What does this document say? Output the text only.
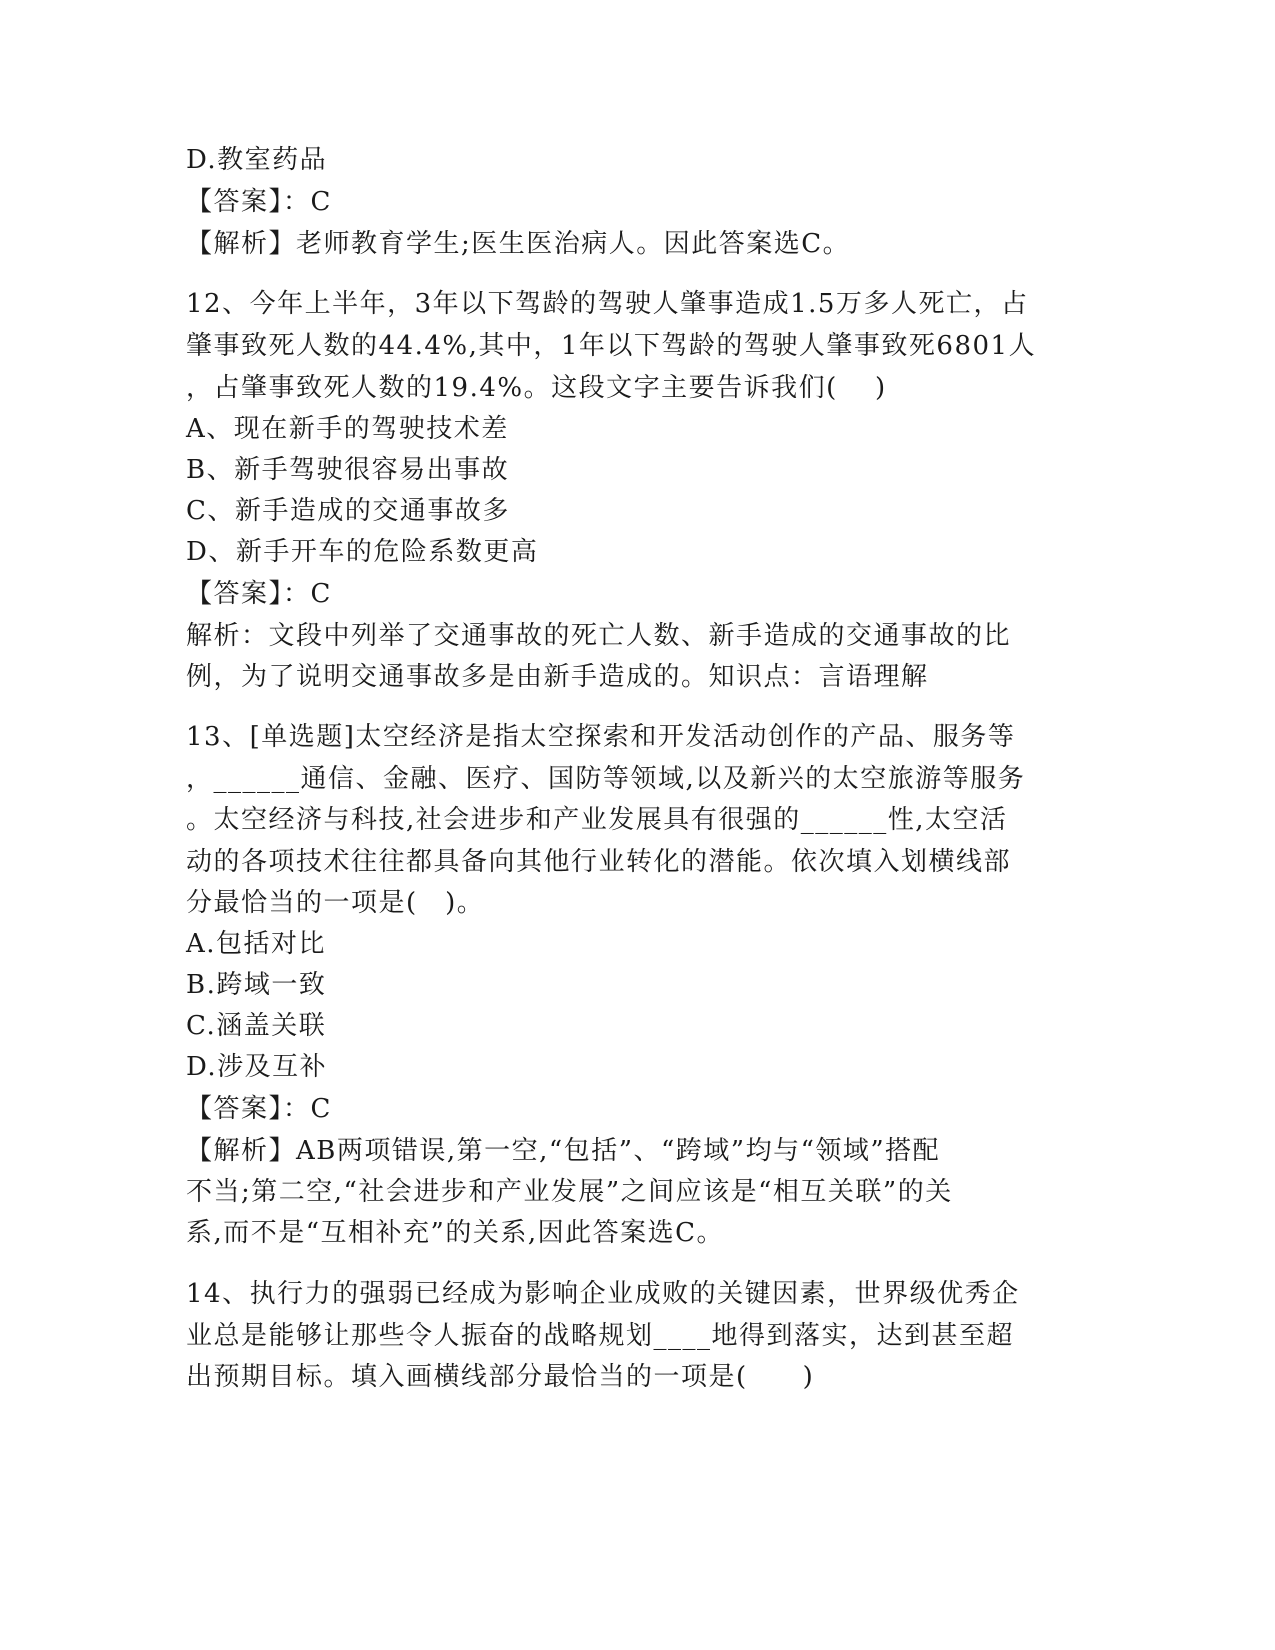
D.教室药品
【答案】：C
【解析】老师教育学生;医生医治病人。因此答案选C。
12、今年上半年，3年以下驾龄的驾驶人肇事造成1.5万多人死亡，占
肇事致死人数的44.4%,其中，1年以下驾龄的驾驶人肇事致死6801人
，占肇事致死人数的19.4%。这段文字主要告诉我们(　 )
A、现在新手的驾驶技术差
B、新手驾驶很容易出事故
C、新手造成的交通事故多
D、新手开车的危险系数更高
【答案】：C
解析：文段中列举了交通事故的死亡人数、新手造成的交通事故的比
例，为了说明交通事故多是由新手造成的。知识点：言语理解
13、[单选题]太空经济是指太空探索和开发活动创作的产品、服务等
，______通信、金融、医疗、国防等领域,以及新兴的太空旅游等服务
。太空经济与科技,社会进步和产业发展具有很强的______性,太空活
动的各项技术往往都具备向其他行业转化的潜能。依次填入划横线部
分最恰当的一项是(　)。
A.包括对比
B.跨域一致
C.涵盖关联
D.涉及互补
【答案】：C
【解析】AB两项错误,第一空,“包括”、“跨域”均与“领域”搭配
不当;第二空,“社会进步和产业发展”之间应该是“相互关联”的关
系,而不是“互相补充”的关系,因此答案选C。
14、执行力的强弱已经成为影响企业成败的关键因素，世界级优秀企
业总是能够让那些令人振奋的战略规划____地得到落实，达到甚至超
出预期目标。填入画横线部分最恰当的一项是(　　)
